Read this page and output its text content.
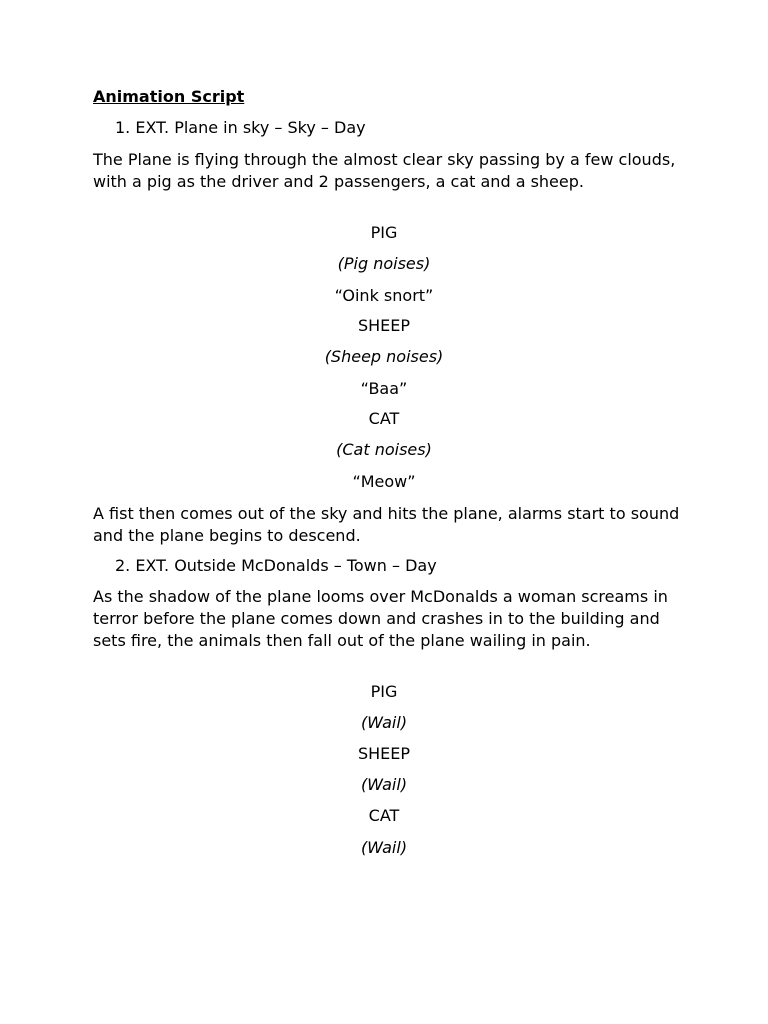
Animation Script
1. EXT. Plane in sky – Sky – Day
The Plane is flying through the almost clear sky passing by a few clouds, with a pig as the driver and 2 passengers, a cat and a sheep.
PIG
(Pig noises)
“Oink snort”
SHEEP
(Sheep noises)
“Baa”
CAT
(Cat noises)
“Meow”
A fist then comes out of the sky and hits the plane, alarms start to sound and the plane begins to descend.
2. EXT. Outside McDonalds – Town – Day
As the shadow of the plane looms over McDonalds a woman screams in terror before the plane comes down and crashes in to the building and sets fire, the animals then fall out of the plane wailing in pain.
PIG
(Wail)
SHEEP
(Wail)
CAT
(Wail)
